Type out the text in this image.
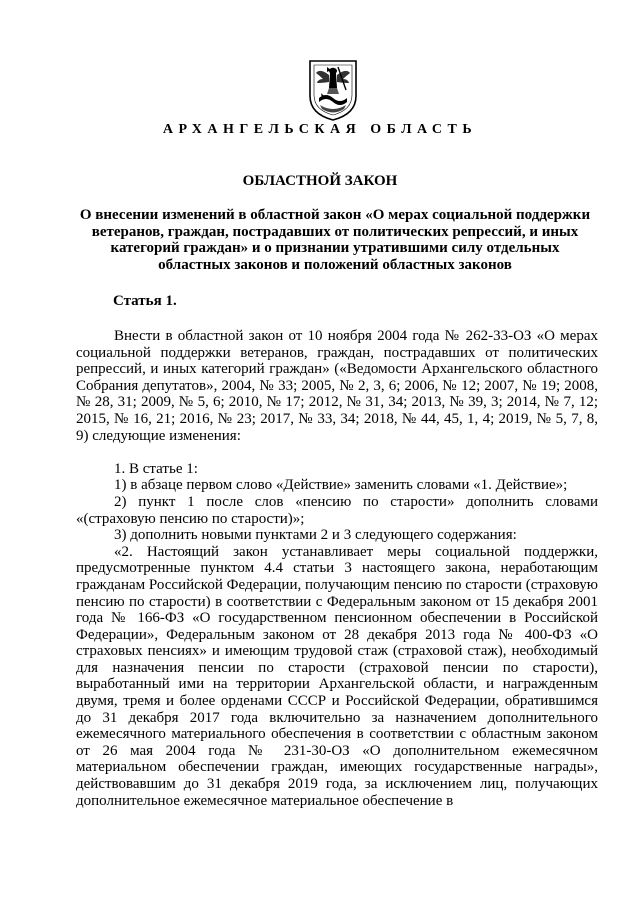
АРХАНГЕЛЬСКАЯ ОБЛАСТЬ
ОБЛАСТНОЙ ЗАКОН
О внесении изменений в областной закон «О мерах социальной поддержки
ветеранов, граждан, пострадавших от политических репрессий, и иных
категорий граждан» и о признании утратившими силу отдельных
областных законов и положений областных законов
Статья 1.

Внести в областной закон от 10 ноября 2004 года № 262-33-ОЗ «О мерах социальной поддержки ветеранов, граждан, пострадавших от политических репрессий, и иных категорий граждан» («Ведомости Архангельского областного Собрания депутатов», 2004, № 33; 2005, № 2, 3, 6; 2006, № 12; 2007, № 19; 2008, № 28, 31; 2009, № 5, 6; 2010, № 17; 2012, № 31, 34; 2013, № 39, 3; 2014, № 7, 12; 2015, № 16, 21; 2016, № 23; 2017, № 33, 34; 2018, № 44, 45, 1, 4; 2019, № 5, 7, 8, 9) следующие изменения:

1. В статье 1:

1) в абзаце первом слово «Действие» заменить словами «1. Действие»;

2) пункт 1 после слов «пенсию по старости» дополнить словами «(страховую пенсию по старости)»;

3) дополнить новыми пунктами 2 и 3 следующего содержания:

«2. Настоящий закон устанавливает меры социальной поддержки, предусмотренные пунктом 4.4 статьи 3 настоящего закона, неработающим гражданам Российской Федерации, получающим пенсию по старости (страховую пенсию по старости) в соответствии с Федеральным законом от 15 декабря 2001 года № 166-ФЗ «О государственном пенсионном обеспечении в Российской Федерации», Федеральным законом от 28 декабря 2013 года № 400-ФЗ «О страховых пенсиях» и имеющим трудовой стаж (страховой стаж), необходимый для назначения пенсии по старости (страховой пенсии по старости), выработанный ими на территории Архангельской области, и награжденным двумя, тремя и более орденами СССР и Российской Федерации, обратившимся до 31 декабря 2017 года включительно за назначением дополнительного ежемесячного материального обеспечения в соответствии с областным законом от 26 мая 2004 года № 231-30-ОЗ «О дополнительном ежемесячном материальном обеспечении граждан, имеющих государственные награды», действовавшим до 31 декабря 2019 года, за исключением лиц, получающих дополнительное ежемесячное материальное обеспечение в
